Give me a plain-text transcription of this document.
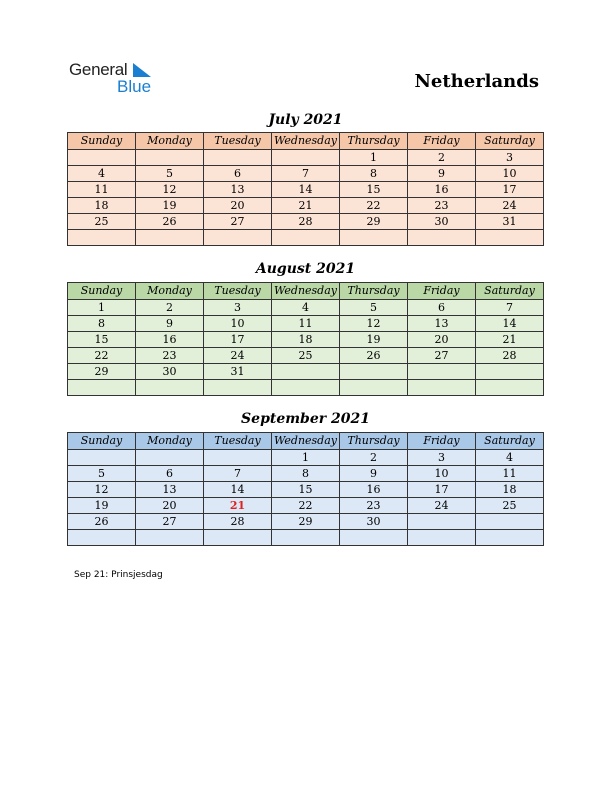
General
Blue	Netherlands
July 2021
Sunday	Monday	Tuesday	Wednesday	Thursday	Friday	Saturday
				1	2	3
4	5	6	7	8	9	10
11	12	13	14	15	16	17
18	19	20	21	22	23	24
25	26	27	28	29	30	31

August 2021
Sunday	Monday	Tuesday	Wednesday	Thursday	Friday	Saturday
1	2	3	4	5	6	7
8	9	10	11	12	13	14
15	16	17	18	19	20	21
22	23	24	25	26	27	28
29	30	31				

September 2021
Sunday	Monday	Tuesday	Wednesday	Thursday	Friday	Saturday
			1	2	3	4
5	6	7	8	9	10	11
12	13	14	15	16	17	18
19	20	21	22	23	24	25
26	27	28	29	30		

Sep 21: Prinsjesdag
